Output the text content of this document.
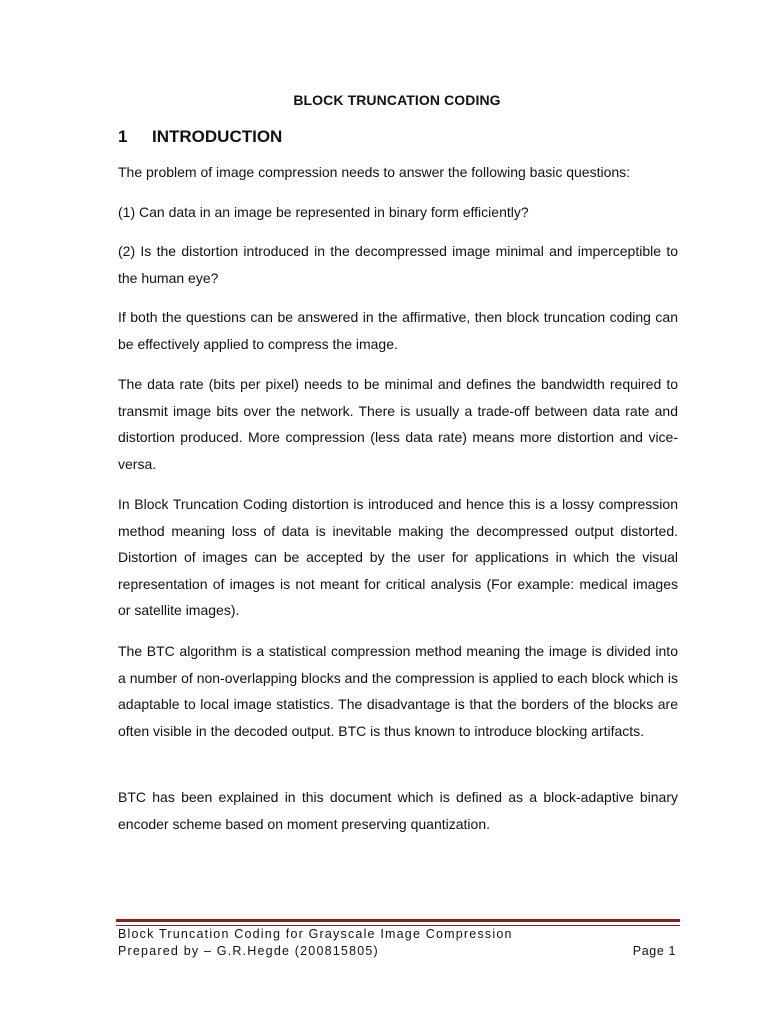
BLOCK TRUNCATION CODING
1 INTRODUCTION
The problem of image compression needs to answer the following basic questions:
(1) Can data in an image be represented in binary form efficiently?
(2) Is the distortion introduced in the decompressed image minimal and imperceptible to the human eye?
If both the questions can be answered in the affirmative, then block truncation coding can be effectively applied to compress the image.
The data rate (bits per pixel) needs to be minimal and defines the bandwidth required to transmit image bits over the network. There is usually a trade-off between data rate and distortion produced. More compression (less data rate) means more distortion and vice-versa.
In Block Truncation Coding distortion is introduced and hence this is a lossy compression method meaning loss of data is inevitable making the decompressed output distorted. Distortion of images can be accepted by the user for applications in which the visual representation of images is not meant for critical analysis (For example: medical images or satellite images).
The BTC algorithm is a statistical compression method meaning the image is divided into a number of non-overlapping blocks and the compression is applied to each block which is adaptable to local image statistics. The disadvantage is that the borders of the blocks are often visible in the decoded output. BTC is thus known to introduce blocking artifacts.
BTC has been explained in this document which is defined as a block-adaptive binary encoder scheme based on moment preserving quantization.
Block Truncation Coding for Grayscale Image Compression
Prepared by – G.R.Hegde (200815805)	Page 1
